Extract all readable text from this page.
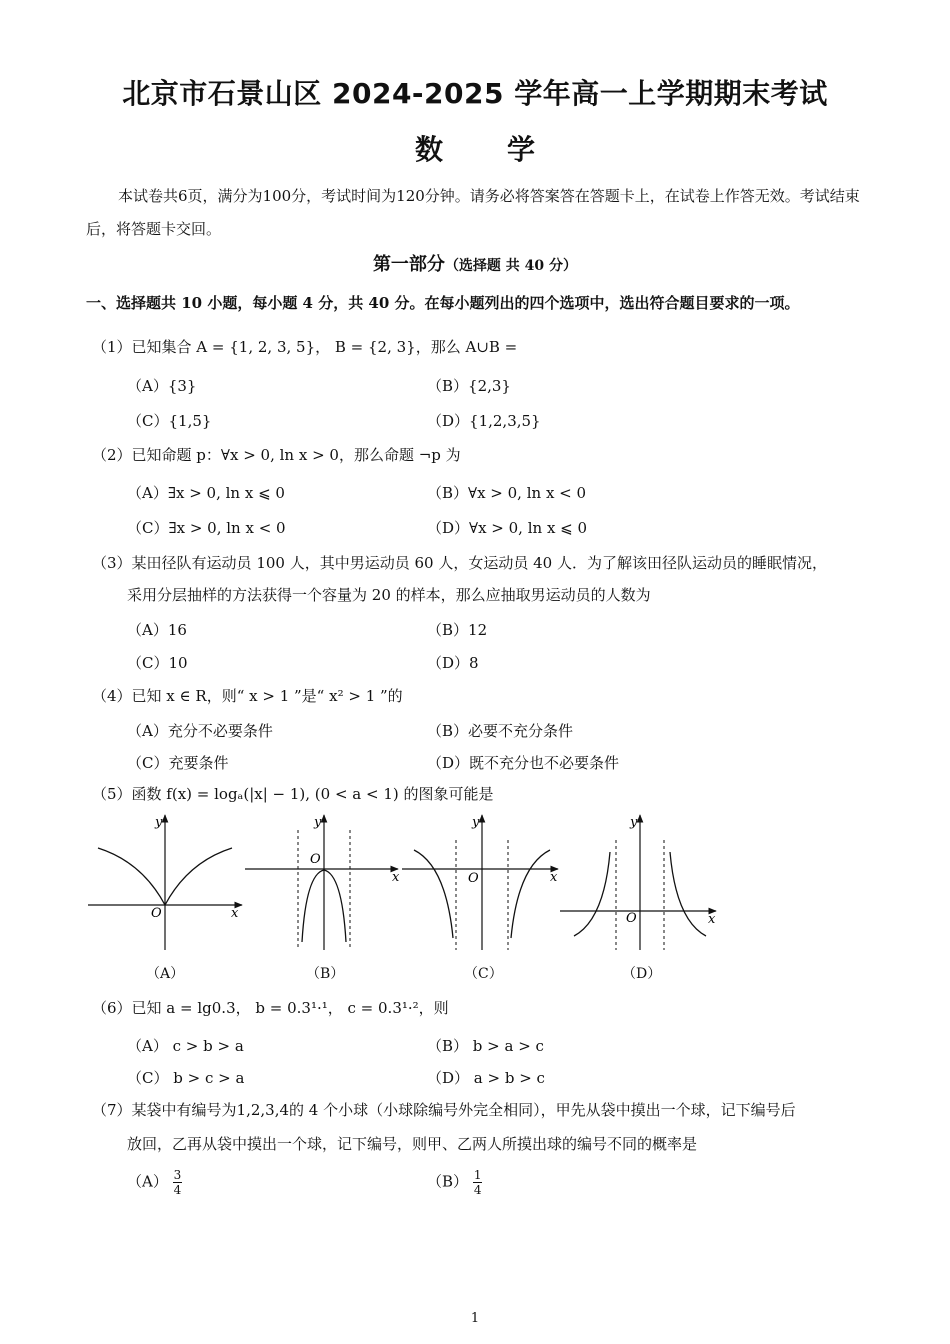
北京市石景山区 2024-2025 学年高一上学期期末考试
数学
本试卷共6页，满分为100分，考试时间为120分钟。请务必将答案答在答题卡上，在试卷上作答无效。考试结束后，将答题卡交回。
第一部分（选择题 共 40 分）
一、选择题共 10 小题，每小题 4 分，共 40 分。在每小题列出的四个选项中，选出符合题目要求的一项。
（1）已知集合 A = {1, 2, 3, 5}， B = {2, 3}，那么 A∪B =
（A）{3}	（B）{2,3}
（C）{1,5}	（D）{1,2,3,5}
（2）已知命题 p：∀x > 0, ln x > 0，那么命题 ¬p 为
（A）∃x > 0, ln x ⩽ 0	（B）∀x > 0, ln x < 0
（C）∃x > 0, ln x < 0	（D）∀x > 0, ln x ⩽ 0
（3）某田径队有运动员 100 人，其中男运动员 60 人，女运动员 40 人．为了解该田径队运动员的睡眠情况，
采用分层抽样的方法获得一个容量为 20 的样本，那么应抽取男运动员的人数为
（A）16	（B）12
（C）10	（D）8
（4）已知 x ∈ R，则“ x > 1 ”是“ x² > 1 ”的
（A）充分不必要条件	（B）必要不充分条件
（C）充要条件	（D）既不充分也不必要条件
（5）函数 f(x) = logₐ(|x| − 1), (0 < a < 1) 的图象可能是
x
y
O
x
y
O
x
y
O
x
y
O
（A）	（B）	（C）	（D）
（6）已知 a = lg0.3， b = 0.3¹·¹， c = 0.3¹·²，则
（A） c > b > a	（B） b > a > c
（C） b > c > a	（D） a > b > c
（7）某袋中有编号为1,2,3,4的 4 个小球（小球除编号外完全相同），甲先从袋中摸出一个球，记下编号后
放回，乙再从袋中摸出一个球，记下编号，则甲、乙两人所摸出球的编号不同的概率是
$(A) \frac{3}{4}$	$(B) \frac{1}{4}$
1
